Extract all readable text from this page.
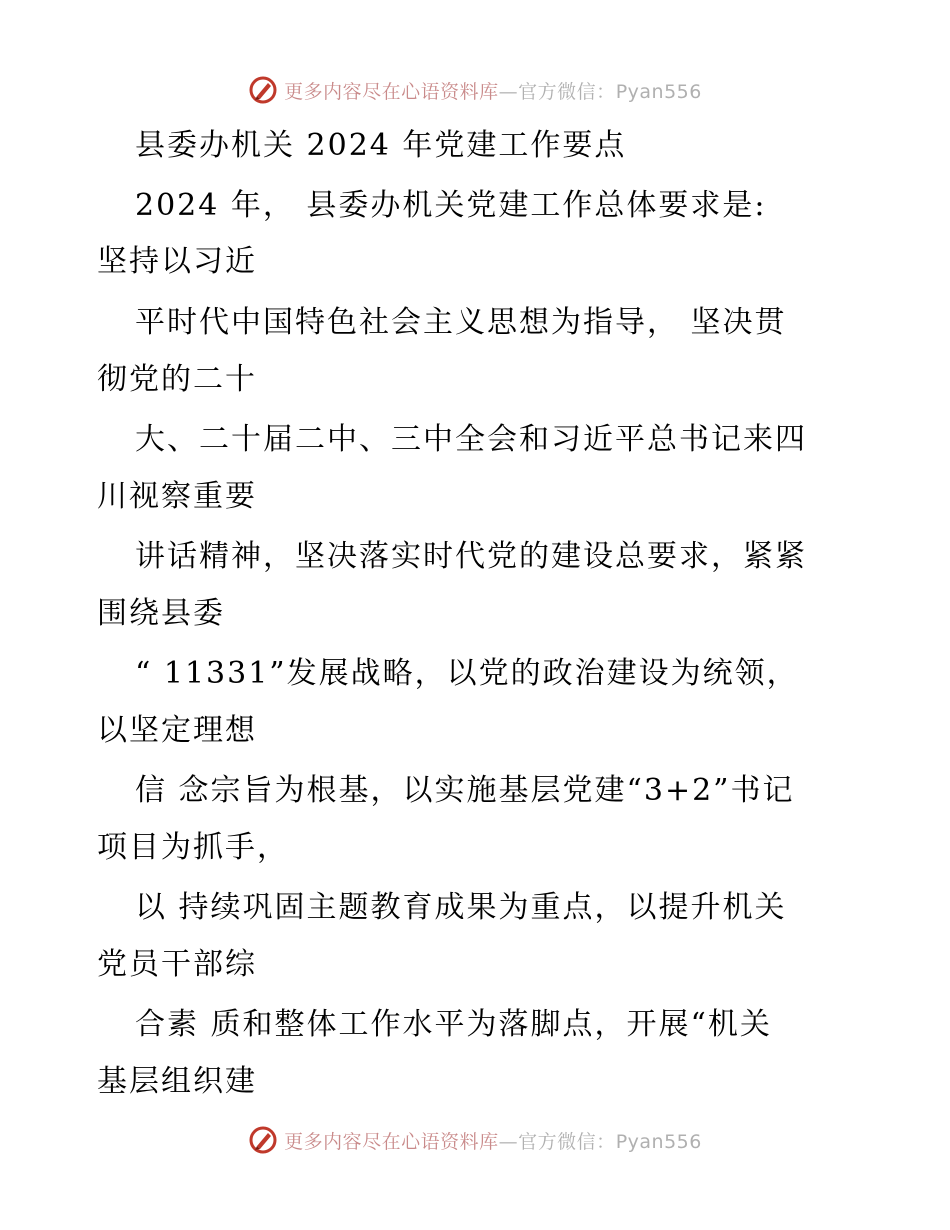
更多内容尽在心语资料库—官方微信：Pyan556
县委办机关 2024 年党建工作要点
2024 年， 县委办机关党建工作总体要求是:
坚持以习近
平时代中国特色社会主义思想为指导， 坚决贯
彻党的二十
大、二十届二中、三中全会和习近平总书记来四
川视察重要
讲话精神，坚决落实时代党的建设总要求，紧紧
围绕县委
“ 11331”发展战略，以党的政治建设为统领，
以坚定理想
信 念宗旨为根基，以实施基层党建“3+2”书记
项目为抓手，
以 持续巩固主题教育成果为重点，以提升机关
党员干部综
合素 质和整体工作水平为落脚点，开展“机关
基层组织建
更多内容尽在心语资料库—官方微信：Pyan556
